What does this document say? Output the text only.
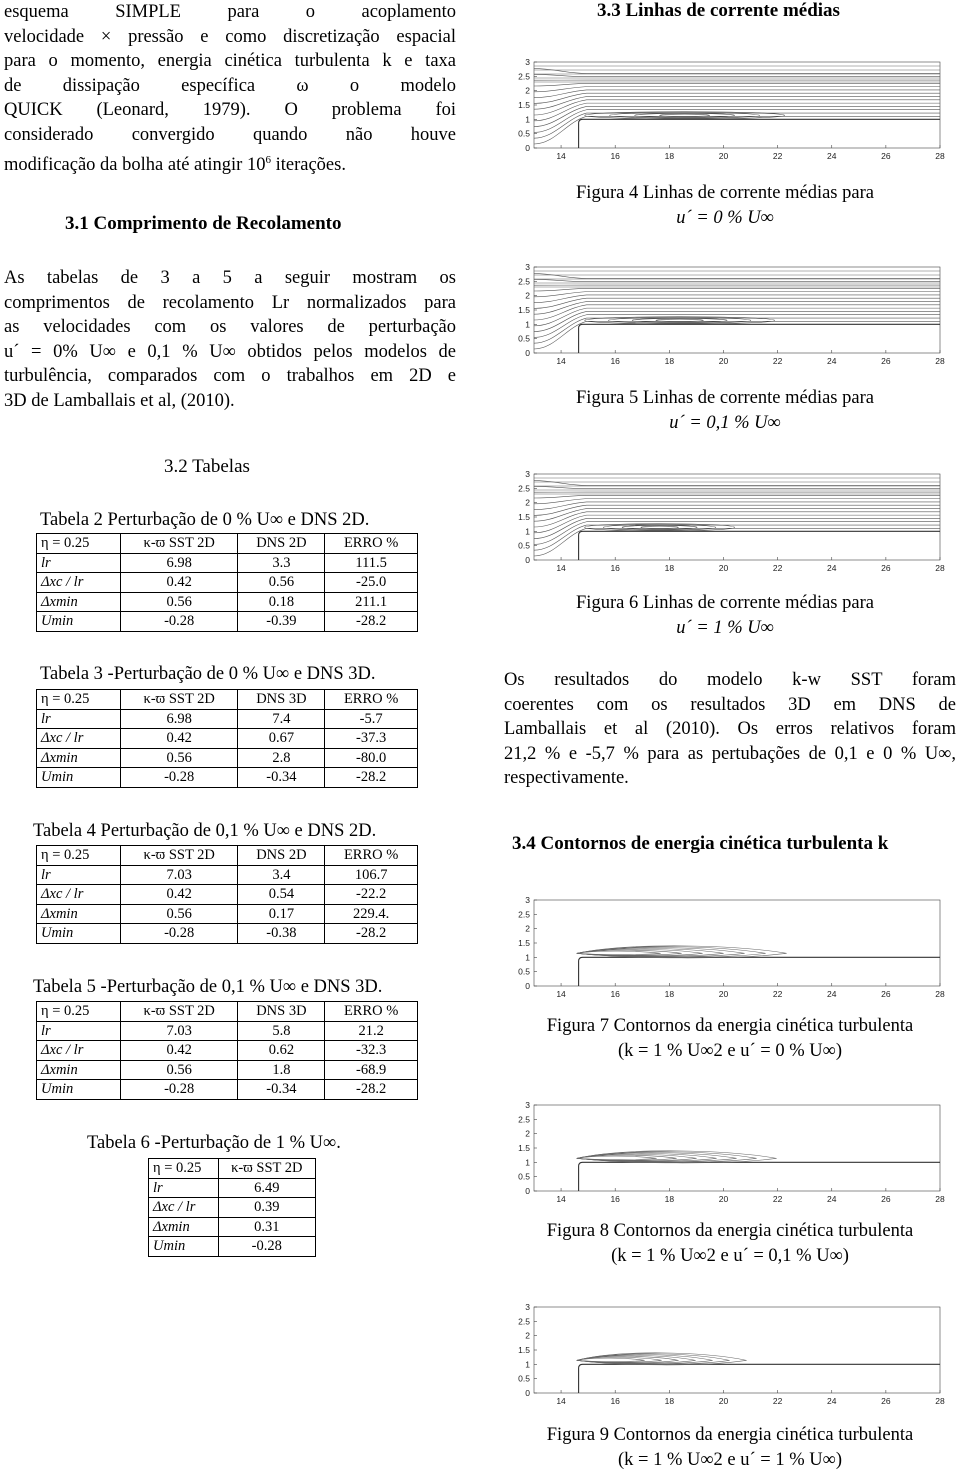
esquema SIMPLE para o acoplamento
velocidade × pressão e como discretização espacial
para o momento, energia cinética turbulenta k e taxa
de dissipação específica ω o modelo
QUICK (Leonard, 1979). O problema foi
considerado convergido quando não houve
modificação da bolha até atingir $10^6$ iterações.
3.1 Comprimento de Recolamento
As tabelas de 3 a 5 a seguir mostram os
comprimentos de recolamento Lr normalizados para
as velocidades com os valores de perturbação
u´ = 0% U∞ e 0,1 % U∞ obtidos pelos modelos de
turbulência, comparados com o trabalhos em 2D e
3D de Lamballais et al, (2010).
3.2 Tabelas
Tabela 2 Perturbação de 0 % U∞ e DNS 2D.
η = 0.25	κ-ϖ SST 2D	DNS 2D	ERRO %
lr	6.98	3.3	111.5
Δxc / lr	0.42	0.56	-25.0
Δxmin	0.56	0.18	211.1
Umin	-0.28	-0.39	-28.2
Tabela 3 -Perturbação de 0 % U∞ e DNS 3D.
η = 0.25	κ-ϖ SST 2D	DNS 3D	ERRO %
lr	6.98	7.4	-5.7
Δxc / lr	0.42	0.67	-37.3
Δxmin	0.56	2.8	-80.0
Umin	-0.28	-0.34	-28.2
Tabela 4 Perturbação de 0,1 % U∞ e DNS 2D.
η = 0.25	κ-ϖ SST 2D	DNS 2D	ERRO %
lr	7.03	3.4	106.7
Δxc / lr	0.42	0.54	-22.2
Δxmin	0.56	0.17	229.4.
Umin	-0.28	-0.38	-28.2
Tabela 5 -Perturbação de 0,1 % U∞ e DNS 3D.
η = 0.25	κ-ϖ SST 2D	DNS 3D	ERRO %
lr	7.03	5.8	21.2
Δxc / lr	0.42	0.62	-32.3
Δxmin	0.56	1.8	-68.9
Umin	-0.28	-0.34	-28.2
Tabela 6 -Perturbação de 1 % U∞.
η = 0.25	κ-ϖ SST 2D
lr	6.49
Δxc / lr	0.39
Δxmin	0.31
Umin	-0.28
3.3 Linhas de corrente médias
3
2.5
2
1.5
1
0.5
0
14	16	18	20	22	24	26	28
Figura 4 Linhas de corrente médias para
u´ = 0 % U∞
3
2.5
2
1.5
1
0.5
0
14	16	18	20	22	24	26	28
Figura 5 Linhas de corrente médias para
u´ = 0,1 % U∞
3
2.5
2
1.5
1
0.5
0
14	16	18	20	22	24	26	28
Figura 6 Linhas de corrente médias para
u´ = 1 % U∞
Os resultados do modelo k-w SST foram
coerentes com os resultados 3D em DNS de
Lamballais et al (2010). Os erros relativos foram
21,2 % e -5,7 % para as pertubações de 0,1 e 0 % U∞,
respectivamente.
3.4 Contornos de energia cinética turbulenta k
3
2.5
2
1.5
1
0.5
0
14	16	18	20	22	24	26	28
Figura 7 Contornos da energia cinética turbulenta
(k = 1 % U∞2 e u´ = 0 % U∞)
3
2.5
2
1.5
1
0.5
0
14	16	18	20	22	24	26	28
Figura 8 Contornos da energia cinética turbulenta
(k = 1 % U∞2 e u´ = 0,1 % U∞)
3
2.5
2
1.5
1
0.5
0
14	16	18	20	22	24	26	28
Figura 9 Contornos da energia cinética turbulenta
(k = 1 % U∞2 e u´ = 1 % U∞)
